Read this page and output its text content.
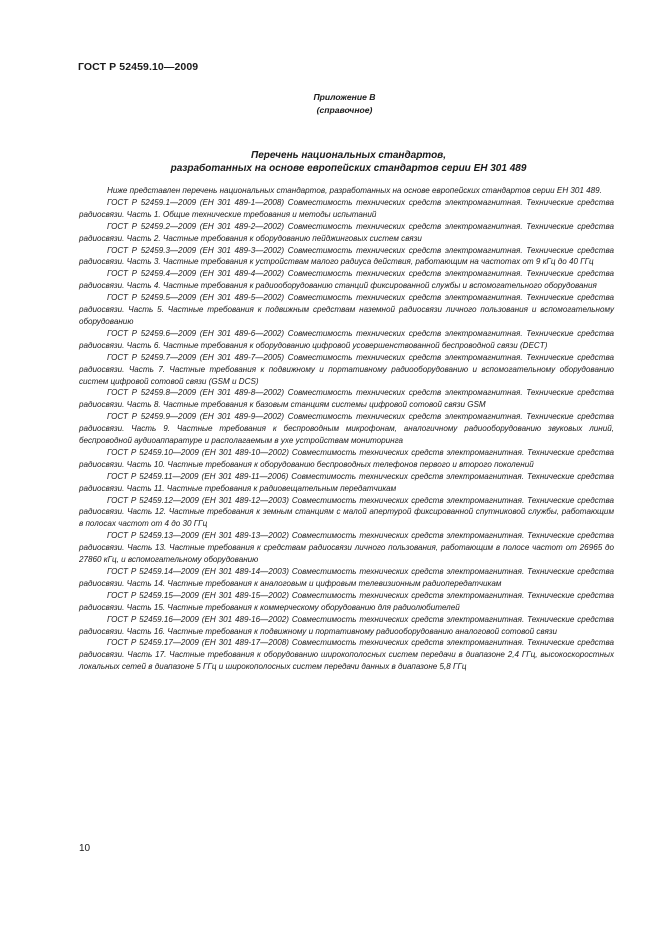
ГОСТ Р 52459.10—2009
Приложение В
(справочное)
Перечень национальных стандартов,
разработанных на основе европейских стандартов серии ЕН 301 489

Ниже представлен перечень национальных стандартов, разработанных на основе европейских стандартов серии ЕН 301 489.

ГОСТ Р 52459.1—2009 (ЕН 301 489-1—2008) Совместимость технических средств электромагнитная. Технические средства радиосвязи. Часть 1. Общие технические требования и методы испытаний

ГОСТ Р 52459.2—2009 (ЕН 301 489-2—2002) Совместимость технических средств электромагнитная. Технические средства радиосвязи. Часть 2. Частные требования к оборудованию пейджинговых систем связи

ГОСТ Р 52459.3—2009 (ЕН 301 489-3—2002) Совместимость технических средств электромагнитная. Технические средства радиосвязи. Часть 3. Частные требования к устройствам малого радиуса действия, работающим на частотах от 9 кГц до 40 ГГц

ГОСТ Р 52459.4—2009 (ЕН 301 489-4—2002) Совместимость технических средств электромагнитная. Технические средства радиосвязи. Часть 4. Частные требования к радиооборудованию станций фиксированной службы и вспомогательного оборудования

ГОСТ Р 52459.5—2009 (ЕН 301 489-5—2002) Совместимость технических средств электромагнитная. Технические средства радиосвязи. Часть 5. Частные требования к подвижным средствам наземной радиосвязи личного пользования и вспомогательному оборудованию

ГОСТ Р 52459.6—2009 (ЕН 301 489-6—2002) Совместимость технических средств электромагнитная. Технические средства радиосвязи. Часть 6. Частные требования к оборудованию цифровой усовершенствованной беспроводной связи (DECT)

ГОСТ Р 52459.7—2009 (ЕН 301 489-7—2005) Совместимость технических средств электромагнитная. Технические средства радиосвязи. Часть 7. Частные требования к подвижному и портативному радиооборудованию и вспомогательному оборудованию систем цифровой сотовой связи (GSM и DCS)

ГОСТ Р 52459.8—2009 (ЕН 301 489-8—2002) Совместимость технических средств электромагнитная. Технические средства радиосвязи. Часть 8. Частные требования к базовым станциям системы цифровой сотовой связи GSM

ГОСТ Р 52459.9—2009 (ЕН 301 489-9—2002) Совместимость технических средств электромагнитная. Технические средства радиосвязи. Часть 9. Частные требования к беспроводным микрофонам, аналогичному радиооборудованию звуковых линий, беспроводной аудиоаппаратуре и располагаемым в ухе устройствам мониторинга

ГОСТ Р 52459.10—2009 (ЕН 301 489-10—2002) Совместимость технических средств электромагнитная. Технические средства радиосвязи. Часть 10. Частные требования к оборудованию беспроводных телефонов первого и второго поколений

ГОСТ Р 52459.11—2009 (ЕН 301 489-11—2006) Совместимость технических средств электромагнитная. Технические средства радиосвязи. Часть 11. Частные требования к радиовещательным передатчикам

ГОСТ Р 52459.12—2009 (ЕН 301 489-12—2003) Совместимость технических средств электромагнитная. Технические средства радиосвязи. Часть 12. Частные требования к земным станциям с малой апертурой фиксированной спутниковой службы, работающим в полосах частот от 4 до 30 ГГц

ГОСТ Р 52459.13—2009 (ЕН 301 489-13—2002) Совместимость технических средств электромагнитная. Технические средства радиосвязи. Часть 13. Частные требования к средствам радиосвязи личного пользования, работающим в полосе частот от 26965 до 27860 кГц, и вспомогательному оборудованию

ГОСТ Р 52459.14—2009 (ЕН 301 489-14—2003) Совместимость технических средств электромагнитная. Технические средства радиосвязи. Часть 14. Частные требования к аналоговым и цифровым телевизионным радиопередатчикам

ГОСТ Р 52459.15—2009 (ЕН 301 489-15—2002) Совместимость технических средств электромагнитная. Технические средства радиосвязи. Часть 15. Частные требования к коммерческому оборудованию для радиолюбителей

ГОСТ Р 52459.16—2009 (ЕН 301 489-16—2002) Совместимость технических средств электромагнитная. Технические средства радиосвязи. Часть 16. Частные требования к подвижному и портативному радиооборудованию аналоговой сотовой связи

ГОСТ Р 52459.17—2009 (ЕН 301 489-17—2008) Совместимость технических средств электромагнитная. Технические средства радиосвязи. Часть 17. Частные требования к оборудованию широкополосных систем передачи в диапазоне 2,4 ГГц, высокоскоростных локальных сетей в диапазоне 5 ГГц и широкополосных систем передачи данных в диапазоне 5,8 ГГц

10
